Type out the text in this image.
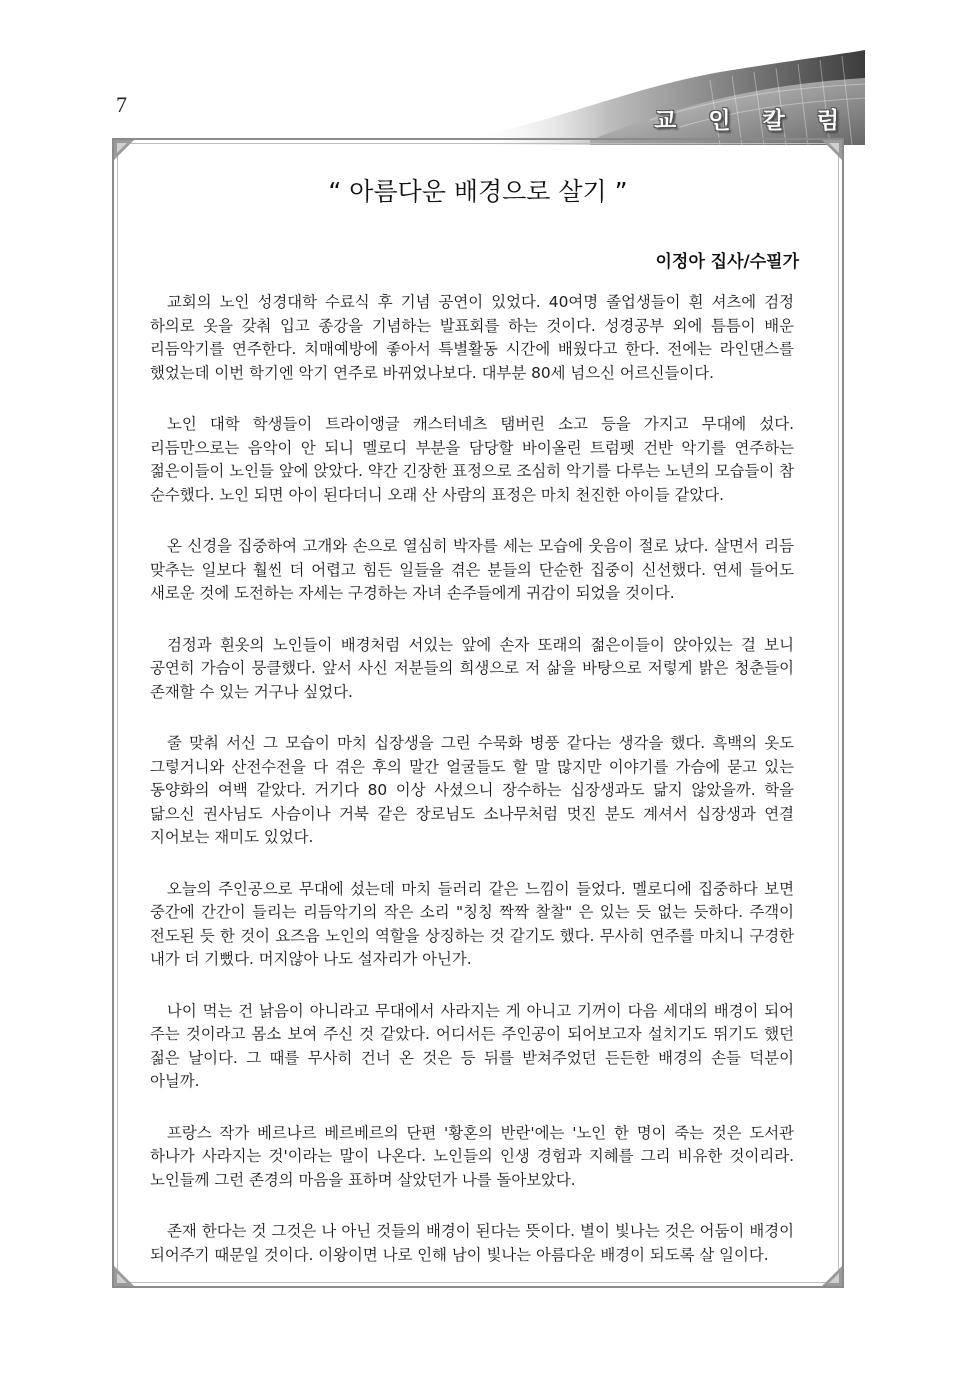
7
교 인 칼 럼
“ 아름다운 배경으로 살기 ”
이정아 집사/수필가

교회의 노인 성경대학 수료식 후 기념 공연이 있었다. 40여명 졸업생들이 흰 셔츠에 검정 하의로 옷을 갖춰 입고 종강을 기념하는 발표회를 하는 것이다. 성경공부 외에 틈틈이 배운 리듬악기를 연주한다. 치매예방에 좋아서 특별활동 시간에 배웠다고 한다. 전에는 라인댄스를 했었는데 이번 학기엔 악기 연주로 바뀌었나보다. 대부분 80세 넘으신 어르신들이다.

노인 대학 학생들이 트라이앵글 캐스터네츠 탬버린 소고 등을 가지고 무대에 섰다. 리듬만으로는 음악이 안 되니 멜로디 부분을 담당할 바이올린 트럼펫 건반 악기를 연주하는 젊은이들이 노인들 앞에 앉았다. 약간 긴장한 표정으로 조심히 악기를 다루는 노년의 모습들이 참 순수했다. 노인 되면 아이 된다더니 오래 산 사람의 표정은 마치 천진한 아이들 같았다.

온 신경을 집중하여 고개와 손으로 열심히 박자를 세는 모습에 웃음이 절로 났다. 살면서 리듬 맞추는 일보다 훨씬 더 어렵고 힘든 일들을 겪은 분들의 단순한 집중이 신선했다. 연세 들어도 새로운 것에 도전하는 자세는 구경하는 자녀 손주들에게 귀감이 되었을 것이다.

검정과 흰옷의 노인들이 배경처럼 서있는 앞에 손자 또래의 젊은이들이 앉아있는 걸 보니 공연히 가슴이 뭉클했다. 앞서 사신 저분들의 희생으로 저 삶을 바탕으로 저렇게 밝은 청춘들이 존재할 수 있는 거구나 싶었다.

줄 맞춰 서신 그 모습이 마치 십장생을 그린 수묵화 병풍 같다는 생각을 했다. 흑백의 옷도 그렇거니와 산전수전을 다 겪은 후의 말간 얼굴들도 할 말 많지만 이야기를 가슴에 묻고 있는 동양화의 여백 같았다. 거기다 80 이상 사셨으니 장수하는 십장생과도 닮지 않았을까. 학을 닮으신 권사님도 사슴이나 거북 같은 장로님도 소나무처럼 멋진 분도 계셔서 십장생과 연결 지어보는 재미도 있었다.

오늘의 주인공으로 무대에 섰는데 마치 들러리 같은 느낌이 들었다. 멜로디에 집중하다 보면 중간에 간간이 들리는 리듬악기의 작은 소리 "칭칭 짝짝 찰찰" 은 있는 듯 없는 듯하다. 주객이 전도된 듯 한 것이 요즈음 노인의 역할을 상징하는 것 같기도 했다. 무사히 연주를 마치니 구경한 내가 더 기뻤다. 머지않아 나도 설자리가 아닌가.

나이 먹는 건 낡음이 아니라고 무대에서 사라지는 게 아니고 기꺼이 다음 세대의 배경이 되어 주는 것이라고 몸소 보여 주신 것 같았다. 어디서든 주인공이 되어보고자 설치기도 뛰기도 했던 젊은 날이다. 그 때를 무사히 건너 온 것은 등 뒤를 받쳐주었던 든든한 배경의 손들 덕분이 아닐까.

프랑스 작가 베르나르 베르베르의 단편 '황혼의 반란'에는 '노인 한 명이 죽는 것은 도서관 하나가 사라지는 것'이라는 말이 나온다. 노인들의 인생 경험과 지혜를 그리 비유한 것이리라. 노인들께 그런 존경의 마음을 표하며 살았던가 나를 돌아보았다.

존재 한다는 것 그것은 나 아닌 것들의 배경이 된다는 뜻이다. 별이 빛나는 것은 어둠이 배경이 되어주기 때문일 것이다. 이왕이면 나로 인해 남이 빛나는 아름다운 배경이 되도록 살 일이다.
